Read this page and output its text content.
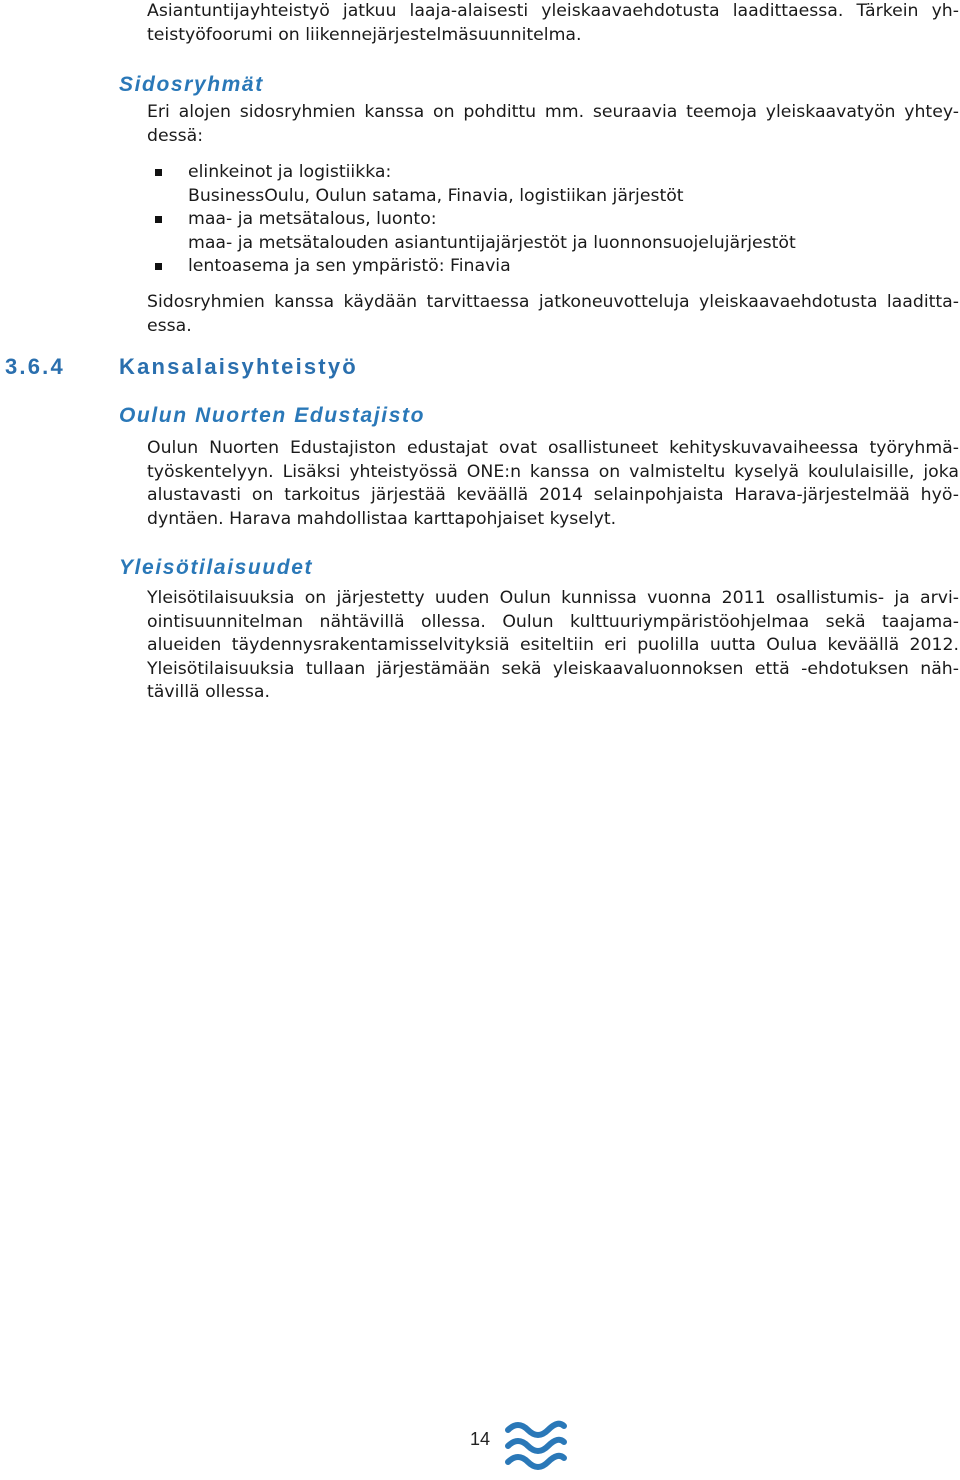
Asiantuntijayhteistyö jatkuu laaja-alaisesti yleiskaavaehdotusta laadittaessa. Tärkein yh-
teistyöfoorumi on liikennejärjestelmäsuunnitelma.
Sidosryhmät
Eri alojen sidosryhmien kanssa on pohdittu mm. seuraavia teemoja yleiskaavatyön yhtey-
dessä:
elinkeinot ja logistiikka:
BusinessOulu, Oulun satama, Finavia, logistiikan järjestöt
maa- ja metsätalous, luonto:
maa- ja metsätalouden asiantuntijajärjestöt ja luonnonsuojelujärjestöt
lentoasema ja sen ympäristö: Finavia
Sidosryhmien kanssa käydään tarvittaessa jatkoneuvotteluja yleiskaavaehdotusta laaditta-
essa.
3.6.4 Kansalaisyhteistyö
Oulun Nuorten Edustajisto
Oulun Nuorten Edustajiston edustajat ovat osallistuneet kehityskuvavaiheessa työryhmä-
työskentelyyn. Lisäksi yhteistyössä ONE:n kanssa on valmisteltu kyselyä koululaisille, joka
alustavasti on tarkoitus järjestää keväällä 2014 selainpohjaista Harava-järjestelmää hyö-
dyntäen. Harava mahdollistaa karttapohjaiset kyselyt.
Yleisötilaisuudet
Yleisötilaisuuksia on järjestetty uuden Oulun kunnissa vuonna 2011 osallistumis- ja arvi-
ointisuunnitelman nähtävillä ollessa. Oulun kulttuuriympäristöohjelmaa sekä taajama-
alueiden täydennysrakentamisselvityksiä esiteltiin eri puolilla uutta Oulua keväällä 2012.
Yleisötilaisuuksia tullaan järjestämään sekä yleiskaavaluonnoksen että -ehdotuksen näh-
tävillä ollessa.
14
